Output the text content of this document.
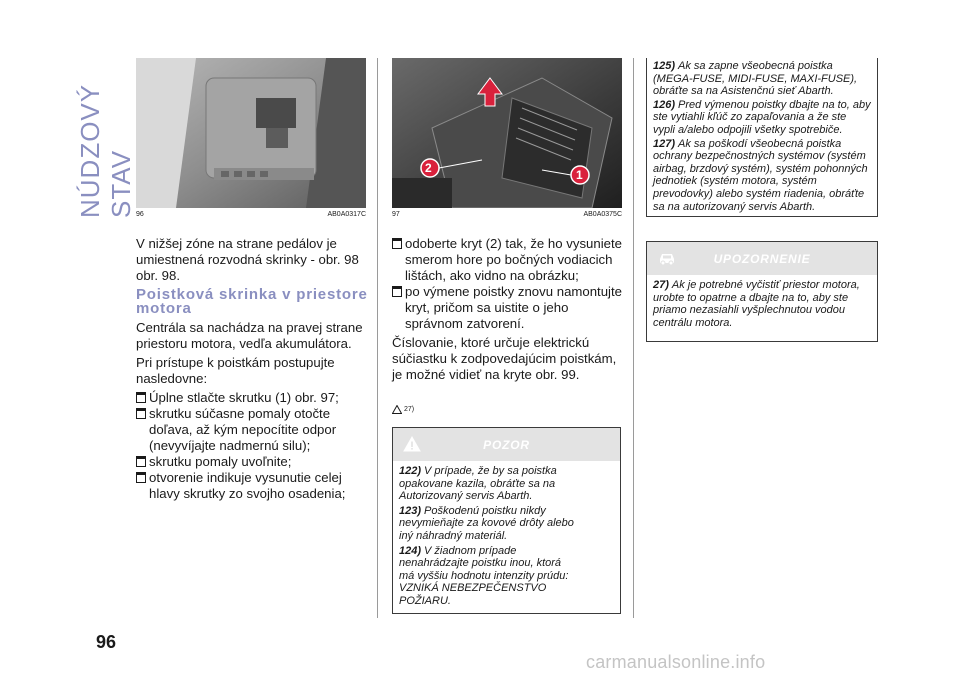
NÚDZOVÝ STAV 96	AB0A0317C
2	1
97	AB0A0375C

V nižšej zóne na strane pedálov je umiestnená rozvodná skrinky - obr. 98 obr. 98.

Poistková skrinka v priestore motora

Centrála sa nachádza na pravej strane priestoru motora, vedľa akumulátora.

Pri prístupe k poistkám postupujte nasledovne:

Úplne stlačte skrutku (1) obr. 97;
skrutku súčasne pomaly otočte doľava, až kým nepocítite odpor (nevyvíjajte nadmernú silu);
skrutku pomaly uvoľnite;
otvorenie indikuje vysunutie celej hlavy skrutky zo svojho osadenia;
odoberte kryt (2) tak, že ho vysuniete smerom hore po bočných vodiacich lištách, ako vidno na obrázku;
po výmene poistky znovu namontujte kryt, pričom sa uistite o jeho správnom zatvorení.

Číslovanie, ktoré určuje elektrickú súčiastku k zodpovedajúcim poistkám, je možné vidieť na kryte obr. 99.

27)
POZOR

122) V prípade, že by sa poistka opakovane kazila, obráťte sa na Autorizovaný servis Abarth.

123) Poškodenú poistku nikdy nevymieňajte za kovové drôty alebo iný náhradný materiál.

124) V žiadnom prípade nenahrádzajte poistku inou, ktorá má vyššiu hodnotu intenzity prúdu: VZNIKÁ NEBEZPEČENSTVO POŽIARU.

125) Ak sa zapne všeobecná poistka (MEGA-FUSE, MIDI-FUSE, MAXI-FUSE), obráťte sa na Asistenčnú sieť Abarth.

126) Pred výmenou poistky dbajte na to, aby ste vytiahli kľúč zo zapaľovania a že ste vypli a/alebo odpojili všetky spotrebiče.

127) Ak sa poškodí všeobecná poistka ochrany bezpečnostných systémov (systém airbag, brzdový systém), systém pohonných jednotiek (systém motora, systém prevodovky) alebo systém riadenia, obráťte sa na autorizovaný servis Abarth.

UPOZORNENIE

27) Ak je potrebné vyčistiť priestor motora, urobte to opatrne a dbajte na to, aby ste priamo nezasiahli vyšplechnutou vodou centrálu motora.

96
carmanualsonline.info
